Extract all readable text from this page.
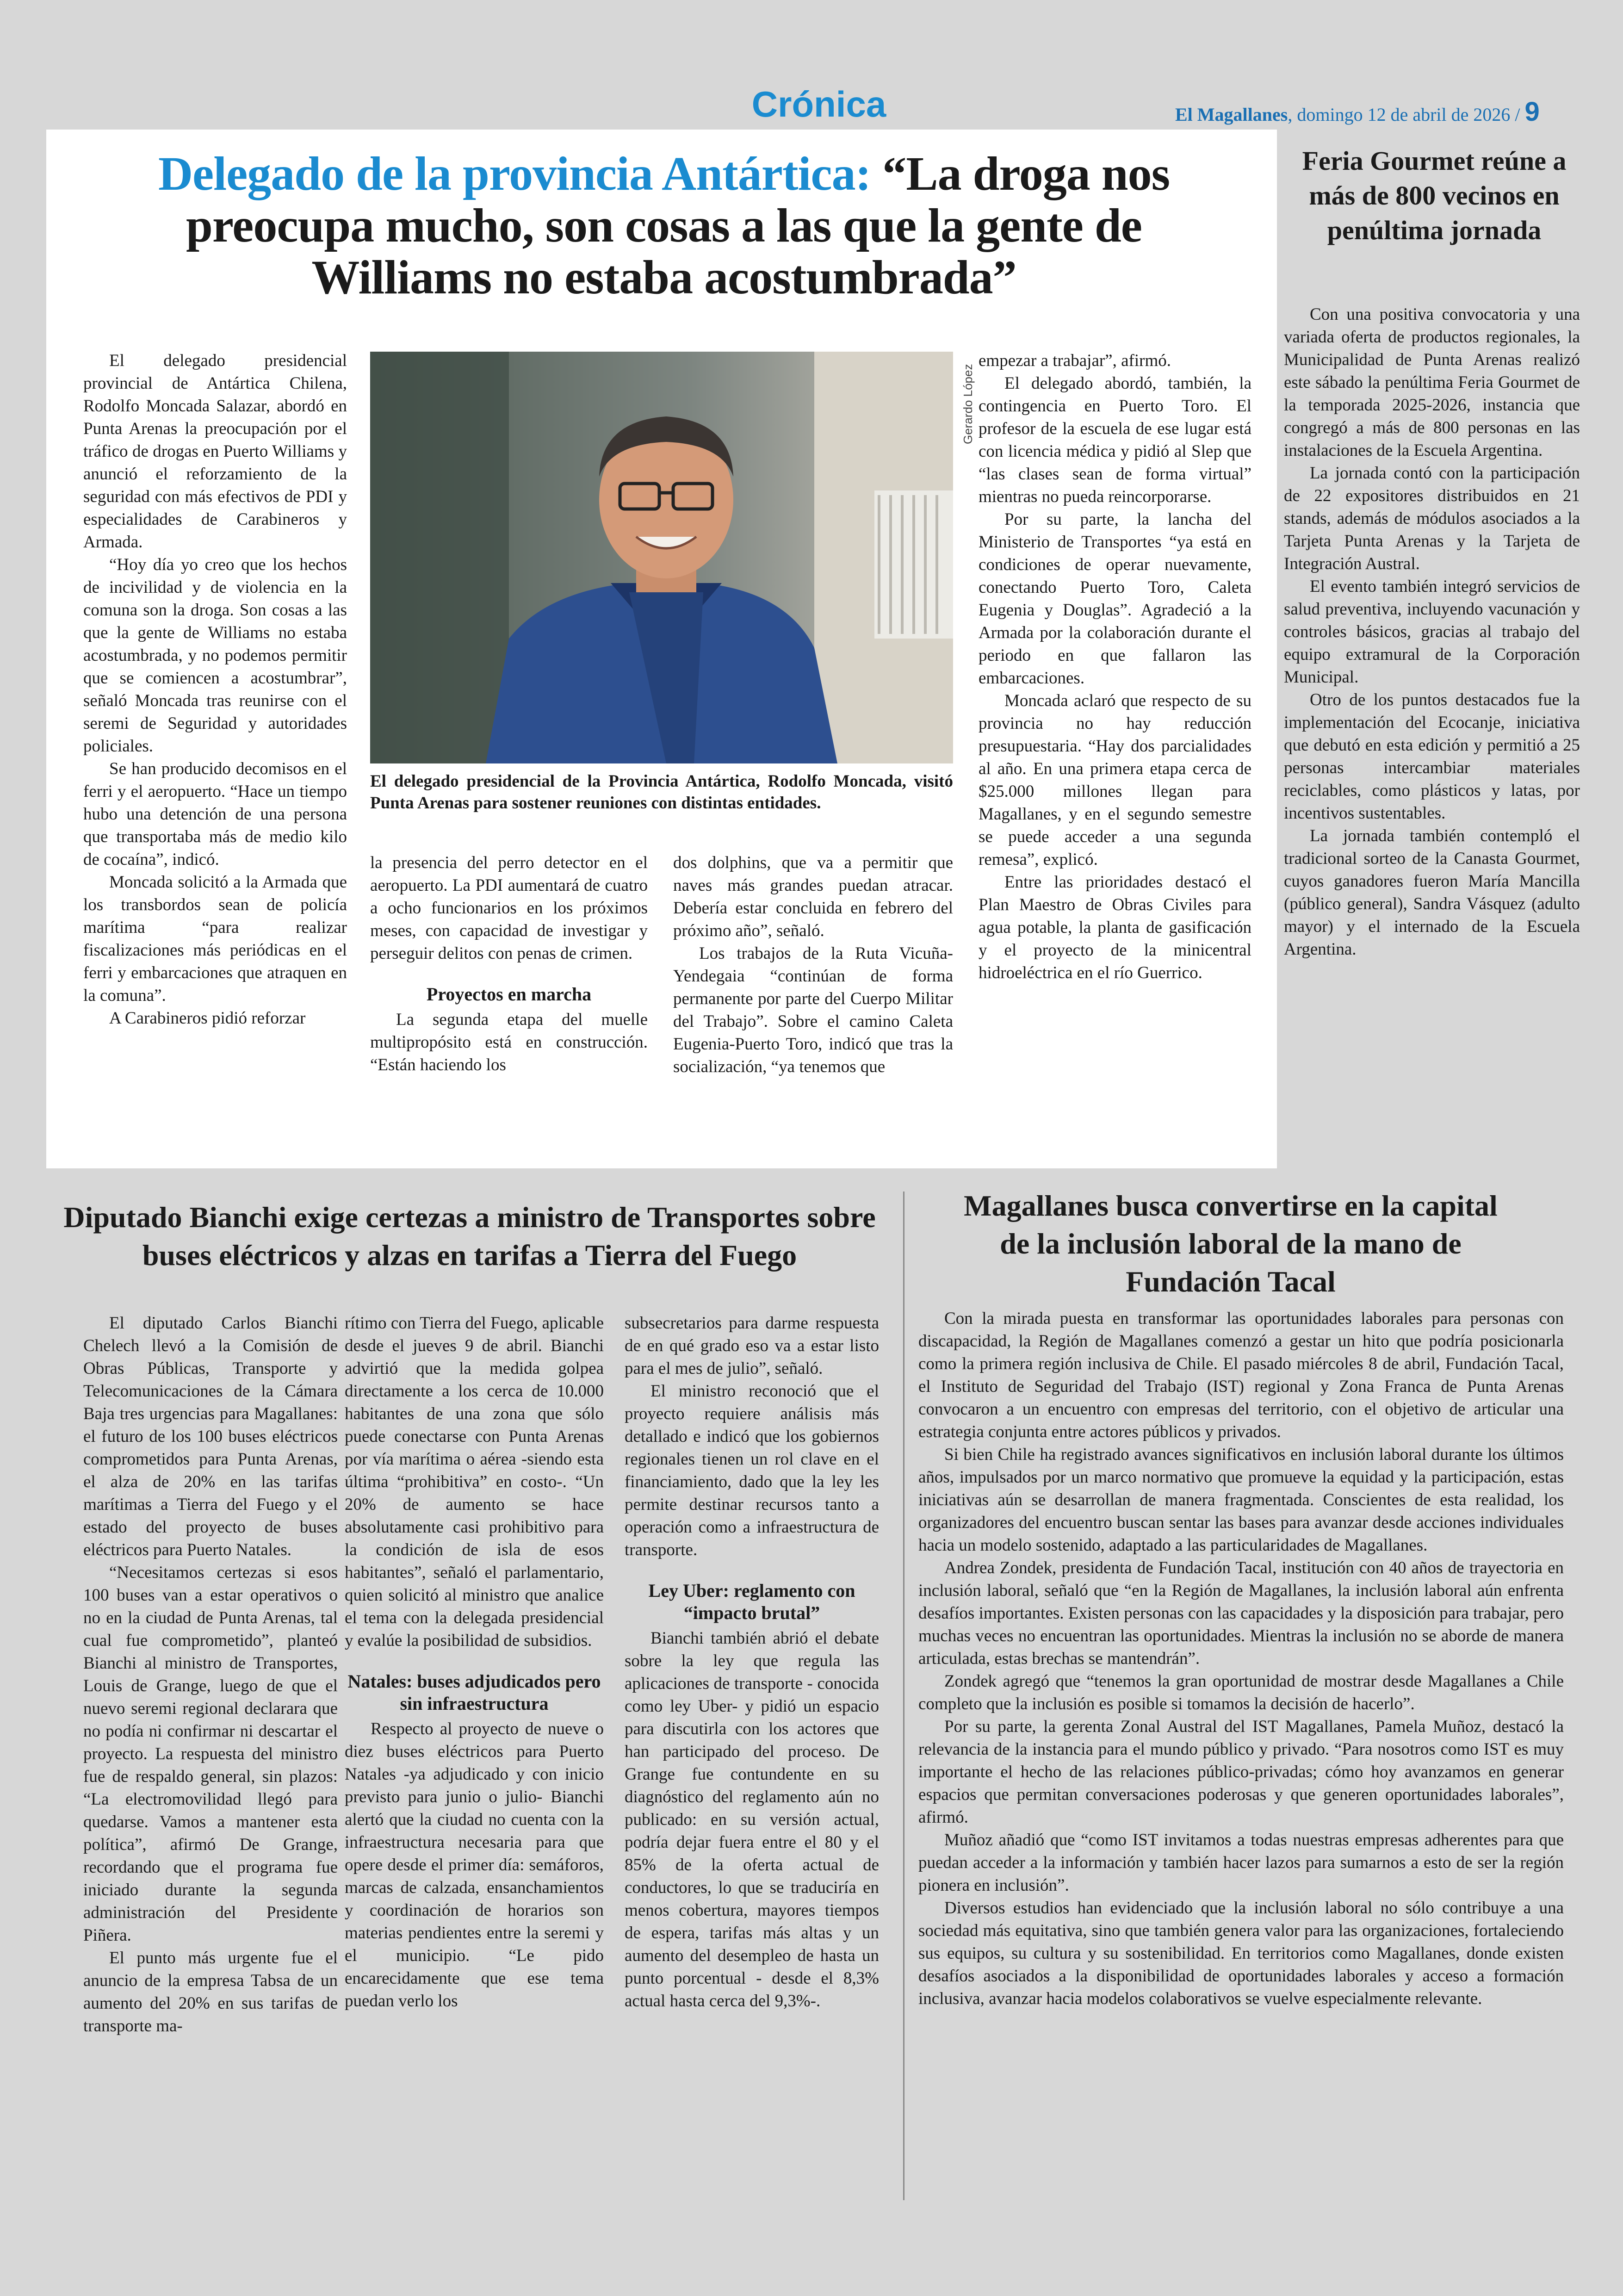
Crónica	El Magallanes, domingo 12 de abril de 2026 / 9
Delegado de la provincia Antártica: “La droga nos preocupa mucho, son cosas a las que la gente de Williams no estaba acostumbrada”

El delegado presidencial provincial de Antártica Chilena, Rodolfo Moncada Salazar, abordó en Punta Arenas la preocupación por el tráfico de drogas en Puerto Williams y anunció el reforzamiento de la seguridad con más efectivos de PDI y especialidades de Carabineros y Armada.

“Hoy día yo creo que los hechos de incivilidad y de violencia en la comuna son la droga. Son cosas a las que la gente de Williams no estaba acostumbrada, y no podemos permitir que se comiencen a acostumbrar”, señaló Moncada tras reunirse con el seremi de Seguridad y autoridades policiales.

Se han producido decomisos en el ferri y el aeropuerto. “Hace un tiempo hubo una detención de una persona que transportaba más de medio kilo de cocaína”, indicó.

Moncada solicitó a la Armada que los transbordos sean de policía marítima “para realizar fiscalizaciones más periódicas en el ferri y embarcaciones que atraquen en la comuna”.

A Carabineros pidió reforzar

Gerardo López
El delegado presidencial de la Provincia Antártica, Rodolfo Moncada, visitó Punta Arenas para sostener reuniones con distintas entidades.

la presencia del perro detector en el aeropuerto. La PDI aumentará de cuatro a ocho funcionarios en los próximos meses, con capacidad de investigar y perseguir delitos con penas de crimen.

Proyectos en marcha

La segunda etapa del muelle multipropósito está en construcción. “Están haciendo los

dos dolphins, que va a permitir que naves más grandes puedan atracar. Debería estar concluida en febrero del próximo año”, señaló.

Los trabajos de la Ruta Vicuña-Yendegaia “continúan de forma permanente por parte del Cuerpo Militar del Trabajo”. Sobre el camino Caleta Eugenia-Puerto Toro, indicó que tras la socialización, “ya tenemos que

empezar a trabajar”, afirmó.

El delegado abordó, también, la contingencia en Puerto Toro. El profesor de la escuela de ese lugar está con licencia médica y pidió al Slep que “las clases sean de forma virtual” mientras no pueda reincorporarse.

Por su parte, la lancha del Ministerio de Transportes “ya está en condiciones de operar nuevamente, conectando Puerto Toro, Caleta Eugenia y Douglas”. Agradeció a la Armada por la colaboración durante el periodo en que fallaron las embarcaciones.

Moncada aclaró que respecto de su provincia no hay reducción presupuestaria. “Hay dos parcialidades al año. En una primera etapa cerca de $25.000 millones llegan para Magallanes, y en el segundo semestre se puede acceder a una segunda remesa”, explicó.

Entre las prioridades destacó el Plan Maestro de Obras Civiles para agua potable, la planta de gasificación y el proyecto de la minicentral hidroeléctrica en el río Guerrico.

Feria Gourmet reúne a más de 800 vecinos en penúltima jornada

Con una positiva convocatoria y una variada oferta de productos regionales, la Municipalidad de Punta Arenas realizó este sábado la penúltima Feria Gourmet de la temporada 2025-2026, instancia que congregó a más de 800 personas en las instalaciones de la Escuela Argentina.

La jornada contó con la participación de 22 expositores distribuidos en 21 stands, además de módulos asociados a la Tarjeta Punta Arenas y la Tarjeta de Integración Austral.

El evento también integró servicios de salud preventiva, incluyendo vacunación y controles básicos, gracias al trabajo del equipo extramural de la Corporación Municipal.

Otro de los puntos destacados fue la implementación del Ecocanje, iniciativa que debutó en esta edición y permitió a 25 personas intercambiar materiales reciclables, como plásticos y latas, por incentivos sustentables.

La jornada también contempló el tradicional sorteo de la Canasta Gourmet, cuyos ganadores fueron María Mancilla (público general), Sandra Vásquez (adulto mayor) y el internado de la Escuela Argentina.

Diputado Bianchi exige certezas a ministro de Transportes sobre buses eléctricos y alzas en tarifas a Tierra del Fuego

El diputado Carlos Bianchi Chelech llevó a la Comisión de Obras Públicas, Transporte y Telecomunicaciones de la Cámara Baja tres urgencias para Magallanes: el futuro de los 100 buses eléctricos comprometidos para Punta Arenas, el alza de 20% en las tarifas marítimas a Tierra del Fuego y el estado del proyecto de buses eléctricos para Puerto Natales.

“Necesitamos certezas si esos 100 buses van a estar operativos o no en la ciudad de Punta Arenas, tal cual fue comprometido”, planteó Bianchi al ministro de Transportes, Louis de Grange, luego de que el nuevo seremi regional declarara que no podía ni confirmar ni descartar el proyecto. La respuesta del ministro fue de respaldo general, sin plazos: “La electromovilidad llegó para quedarse. Vamos a mantener esta política”, afirmó De Grange, recordando que el programa fue iniciado durante la segunda administración del Presidente Piñera.

El punto más urgente fue el anuncio de la empresa Tabsa de un aumento del 20% en sus tarifas de transporte ma-

rítimo con Tierra del Fuego, aplicable desde el jueves 9 de abril. Bianchi advirtió que la medida golpea directamente a los cerca de 10.000 habitantes de una zona que sólo puede conectarse con Punta Arenas por vía marítima o aérea -siendo esta última “prohibitiva” en costo-. “Un 20% de aumento se hace absolutamente casi prohibitivo para la condición de isla de esos habitantes”, señaló el parlamentario, quien solicitó al ministro que analice el tema con la delegada presidencial y evalúe la posibilidad de subsidios.

Natales: buses adjudicados pero sin infraestructura

Respecto al proyecto de nueve o diez buses eléctricos para Puerto Natales -ya adjudicado y con inicio previsto para junio o julio- Bianchi alertó que la ciudad no cuenta con la infraestructura necesaria para que opere desde el primer día: semáforos, marcas de calzada, ensanchamientos y coordinación de horarios son materias pendientes entre la seremi y el municipio. “Le pido encarecidamente que ese tema puedan verlo los

subsecretarios para darme respuesta de en qué grado eso va a estar listo para el mes de julio”, señaló.

El ministro reconoció que el proyecto requiere análisis más detallado e indicó que los gobiernos regionales tienen un rol clave en el financiamiento, dado que la ley les permite destinar recursos tanto a operación como a infraestructura de transporte.

Ley Uber: reglamento con “impacto brutal”

Bianchi también abrió el debate sobre la ley que regula las aplicaciones de transporte - conocida como ley Uber- y pidió un espacio para discutirla con los actores que han participado del proceso. De Grange fue contundente en su diagnóstico del reglamento aún no publicado: en su versión actual, podría dejar fuera entre el 80 y el 85% de la oferta actual de conductores, lo que se traduciría en menos cobertura, mayores tiempos de espera, tarifas más altas y un aumento del desempleo de hasta un punto porcentual - desde el 8,3% actual hasta cerca del 9,3%-.

Magallanes busca convertirse en la capital de la inclusión laboral de la mano de Fundación Tacal

Con la mirada puesta en transformar las oportunidades laborales para personas con discapacidad, la Región de Magallanes comenzó a gestar un hito que podría posicionarla como la primera región inclusiva de Chile. El pasado miércoles 8 de abril, Fundación Tacal, el Instituto de Seguridad del Trabajo (IST) regional y Zona Franca de Punta Arenas convocaron a un encuentro con empresas del territorio, con el objetivo de articular una estrategia conjunta entre actores públicos y privados.

Si bien Chile ha registrado avances significativos en inclusión laboral durante los últimos años, impulsados por un marco normativo que promueve la equidad y la participación, estas iniciativas aún se desarrollan de manera fragmentada. Conscientes de esta realidad, los organizadores del encuentro buscan sentar las bases para avanzar desde acciones individuales hacia un modelo sostenido, adaptado a las particularidades de Magallanes.

Andrea Zondek, presidenta de Fundación Tacal, institución con 40 años de trayectoria en inclusión laboral, señaló que “en la Región de Magallanes, la inclusión laboral aún enfrenta desafíos importantes. Existen personas con las capacidades y la disposición para trabajar, pero muchas veces no encuentran las oportunidades. Mientras la inclusión no se aborde de manera articulada, estas brechas se mantendrán”.

Zondek agregó que “tenemos la gran oportunidad de mostrar desde Magallanes a Chile completo que la inclusión es posible si tomamos la decisión de hacerlo”.

Por su parte, la gerenta Zonal Austral del IST Magallanes, Pamela Muñoz, destacó la relevancia de la instancia para el mundo público y privado. “Para nosotros como IST es muy importante el hecho de las relaciones público-privadas; cómo hoy avanzamos en generar espacios que permitan conversaciones poderosas y que generen oportunidades laborales”, afirmó.

Muñoz añadió que “como IST invitamos a todas nuestras empresas adherentes para que puedan acceder a la información y también hacer lazos para sumarnos a esto de ser la región pionera en inclusión”.

Diversos estudios han evidenciado que la inclusión laboral no sólo contribuye a una sociedad más equitativa, sino que también genera valor para las organizaciones, fortaleciendo sus equipos, su cultura y su sostenibilidad. En territorios como Magallanes, donde existen desafíos asociados a la disponibilidad de oportunidades laborales y acceso a formación inclusiva, avanzar hacia modelos colaborativos se vuelve especialmente relevante.
